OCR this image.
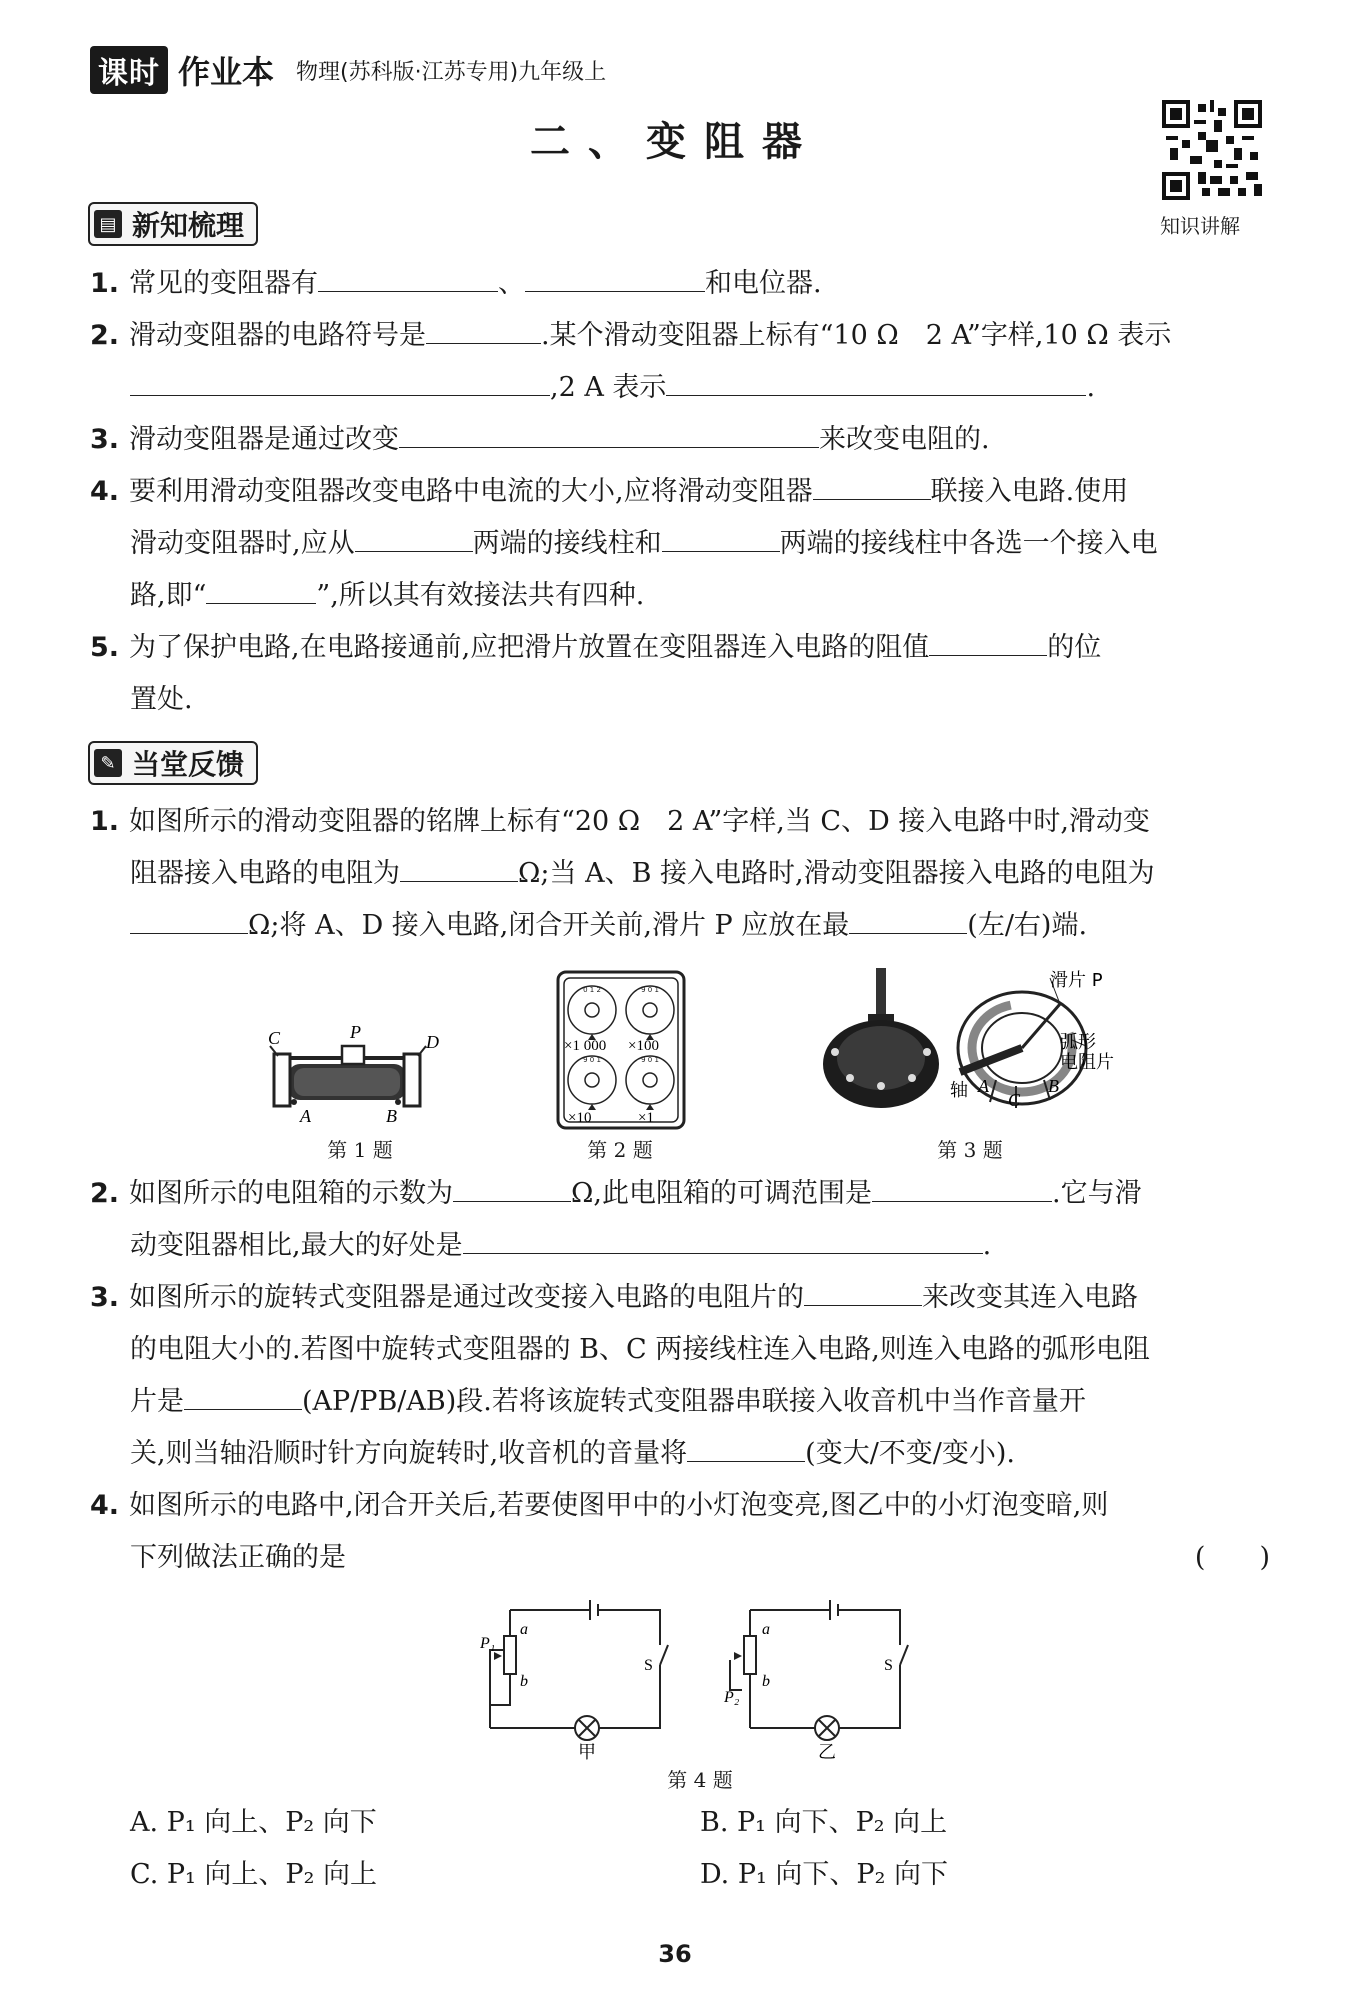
课时 作业本 物理(苏科版·江苏专用)九年级上
二、变阻器
知识讲解
▤ 新知梳理
1. 常见的变阻器有	、	和电位器.
2. 滑动变阻器的电路符号是	.某个滑动变阻器上标有“10 Ω　2 A”字样,10 Ω 表示
,2 A 表示	.
3. 滑动变阻器是通过改变	来改变电阻的.
4. 要利用滑动变阻器改变电路中电流的大小,应将滑动变阻器	联接入电路.使用
滑动变阻器时,应从	两端的接线柱和	两端的接线柱中各选一个接入电
路,即“	”,所以其有效接法共有四种.
5. 为了保护电路,在电路接通前,应把滑片放置在变阻器连入电路的阻值	的位
置处.
✎ 当堂反馈
1. 如图所示的滑动变阻器的铭牌上标有“20 Ω　2 A”字样,当 C、D 接入电路中时,滑动变
阻器接入电路的电阻为	Ω;当 A、B 接入电路时,滑动变阻器接入电路的电阻为
Ω;将 A、D 接入电路,闭合开关前,滑片 P 应放在最	(左/右)端.
C	D
P
A	B
第 1 题
0 1 2	9 0 1
9 0 1	9 0 1
×1 000 ×100
×10	×1
第 2 题
滑片 P
弧形
电阻片
轴 A
C
B
第 3 题
2. 如图所示的电阻箱的示数为	Ω,此电阻箱的可调范围是	.它与滑
动变阻器相比,最大的好处是	.
3. 如图所示的旋转式变阻器是通过改变接入电路的电阻片的	来改变其连入电路
的电阻大小的.若图中旋转式变阻器的 B、C 两接线柱连入电路,则连入电路的弧形电阻
片是	(AP/PB/AB)段.若将该旋转式变阻器串联接入收音机中当作音量开
关,则当轴沿顺时针方向旋转时,收音机的音量将	(变大/不变/变小).
4. 如图所示的电路中,闭合开关后,若要使图甲中的小灯泡变亮,图乙中的小灯泡变暗,则
下列做法正确的是	(　　)
P₁
a
b
S
P₂
a
b
S
甲	乙
第 4 题
A. P₁ 向上、P₂ 向下	B. P₁ 向下、P₂ 向上
C. P₁ 向上、P₂ 向上	D. P₁ 向下、P₂ 向下
36
